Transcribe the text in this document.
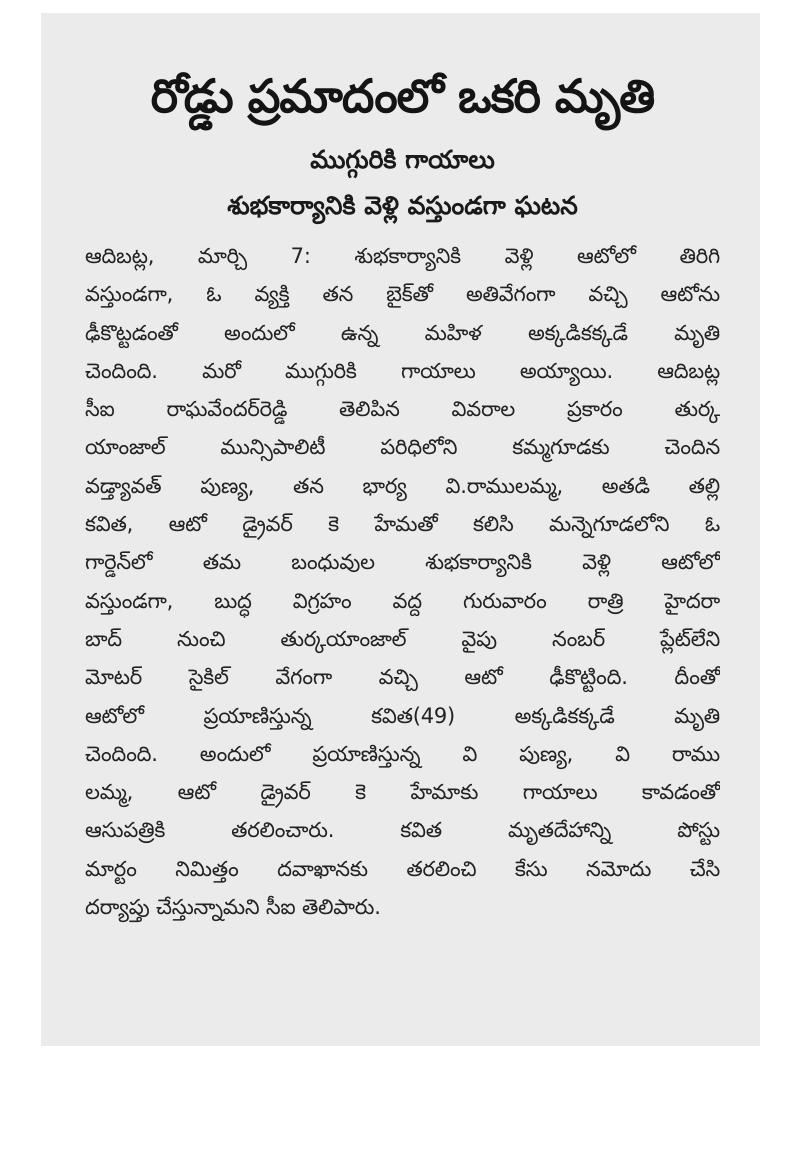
రోడ్డు ప్రమాదంలో ఒకరి మృతి
ముగ్గురికి గాయాలు
శుభకార్యానికి వెళ్లి వస్తుండగా ఘటన
ఆదిబట్ల, మార్చి 7: శుభకార్యానికి వెళ్లి ఆటోలో తిరిగి
వస్తుండగా, ఓ వ్యక్తి తన బైక్‌తో అతివేగంగా వచ్చి ఆటోను
ఢీకొట్టడంతో అందులో ఉన్న మహిళ అక్కడికక్కడే మృతి
చెందింది. మరో ముగ్గురికి గాయాలు అయ్యాయి. ఆదిబట్ల
సీఐ రాఘవేందర్‌రెడ్డి తెలిపిన వివరాల ప్రకారం తుర్క
యాంజాల్ మున్సిపాలిటీ పరిధిలోని కమ్మగూడకు చెందిన
వడ్త్యావత్ పుణ్య, తన భార్య వి.రాములమ్మ, అతడి తల్లి
కవిత, ఆటో డ్రైవర్ కె హేమతో కలిసి మన్నెగూడలోని ఓ
గార్డెన్‌లో తమ బంధువుల శుభకార్యానికి వెళ్లి ఆటోలో
వస్తుండగా, బుద్ధ విగ్రహం వద్ద గురువారం రాత్రి హైదరా
బాద్ నుంచి తుర్కయాంజాల్ వైపు నంబర్ ప్లేట్‌లేని
మోటర్ సైకిల్ వేగంగా వచ్చి ఆటో ఢీకొట్టింది. దీంతో
ఆటోలో ప్రయాణిస్తున్న కవిత(49) అక్కడికక్కడే మృతి
చెందింది. అందులో ప్రయాణిస్తున్న వి పుణ్య, వి రాము
లమ్మ, ఆటో డ్రైవర్ కె హేమాకు గాయాలు కావడంతో
ఆసుపత్రికి తరలించారు. కవిత మృతదేహాన్ని పోస్టు
మార్టం నిమిత్తం దవాఖానకు తరలించి కేసు నమోదు చేసి
దర్యాప్తు చేస్తున్నామని సీఐ తెలిపారు.
